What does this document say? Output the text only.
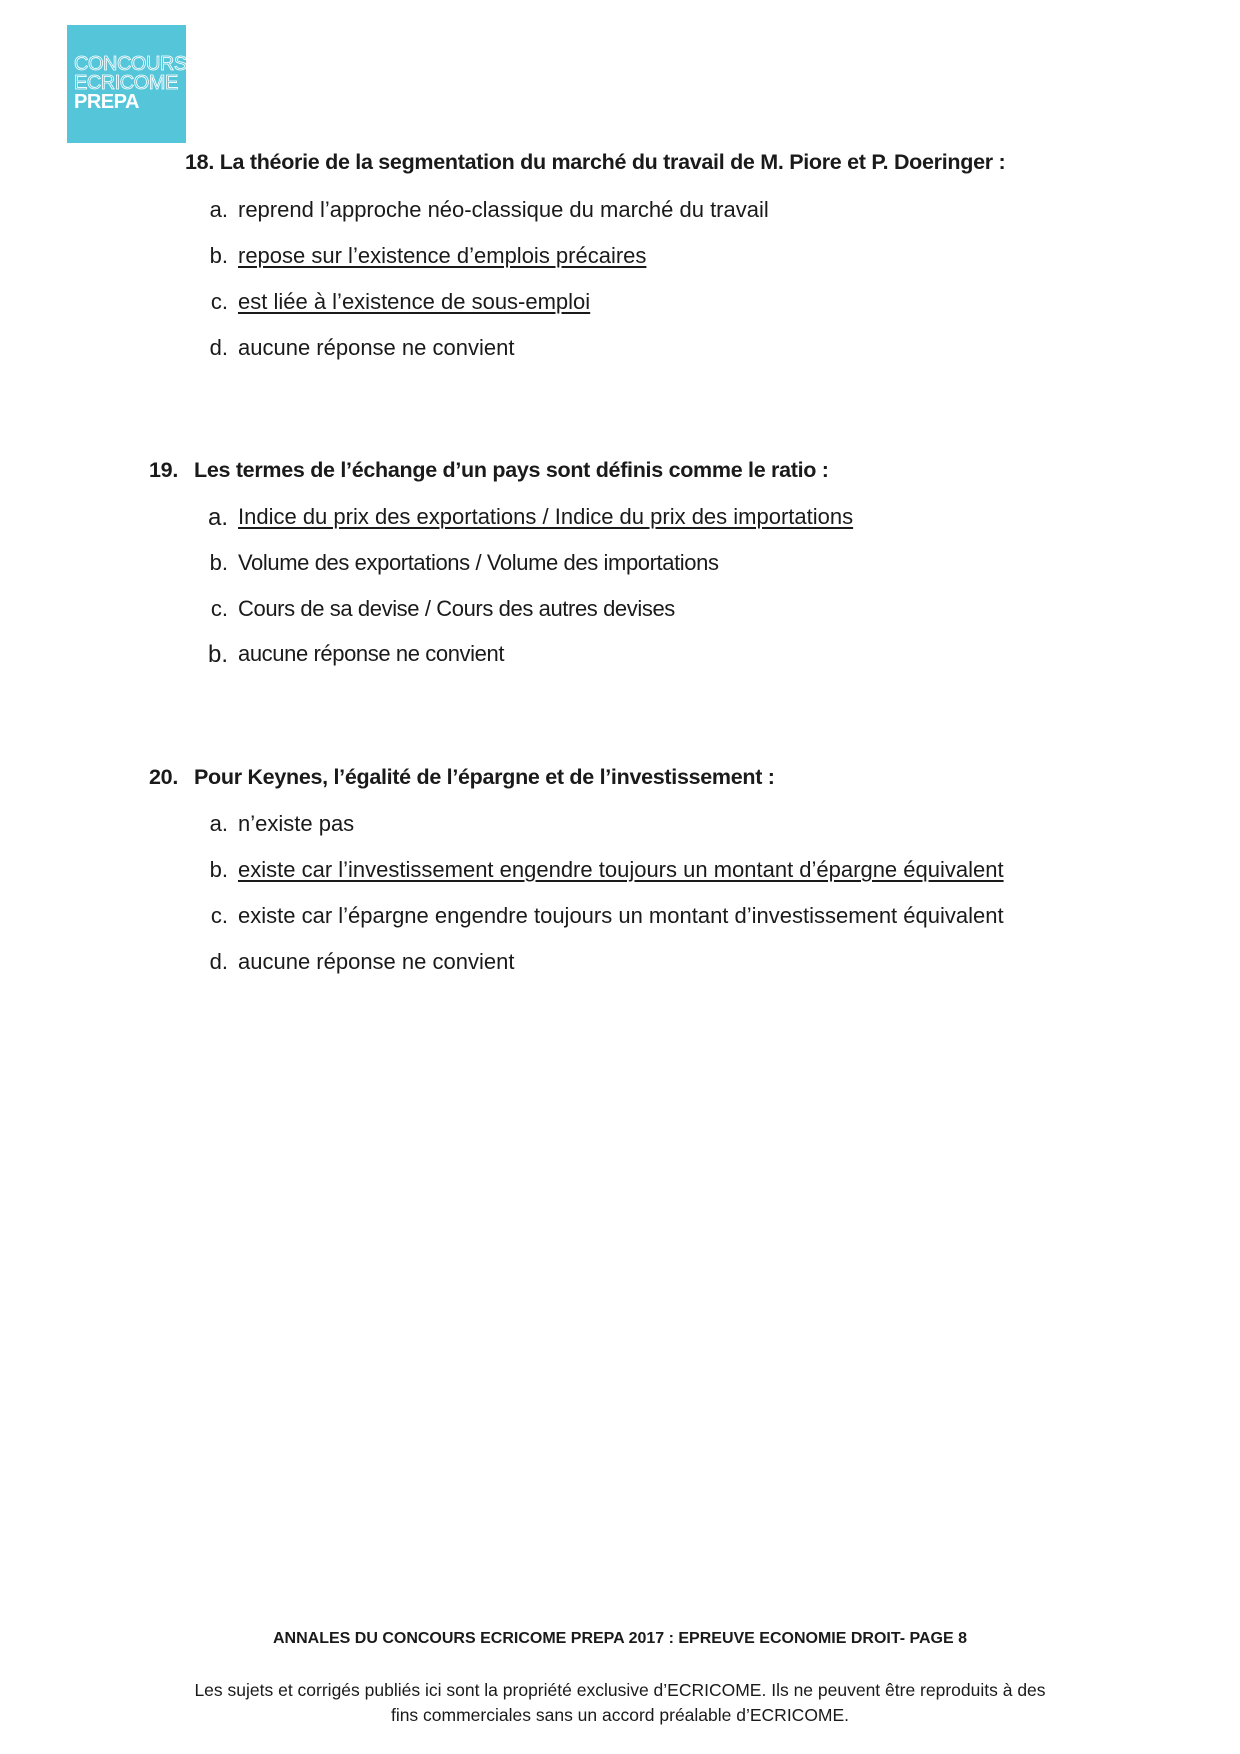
CONCOURS
ECRICOME
PREPA
18. La théorie de la segmentation du marché du travail de M. Piore et P. Doeringer :
a. reprend l’approche néo-classique du marché du travail
b. repose sur l’existence d’emplois précaires
c. est liée à l’existence de sous-emploi
d. aucune réponse ne convient
19. Les termes de l’échange d’un pays sont définis comme le ratio :
a. Indice du prix des exportations / Indice du prix des importations
b. Volume des exportations / Volume des importations
c. Cours de sa devise / Cours des autres devises
b. aucune réponse ne convient
20. Pour Keynes, l’égalité de l’épargne et de l’investissement :
a. n’existe pas
b. existe car l’investissement engendre toujours un montant d’épargne équivalent
c. existe car l’épargne engendre toujours un montant d’investissement équivalent
d. aucune réponse ne convient
ANNALES DU CONCOURS ECRICOME PREPA 2017 : EPREUVE ECONOMIE DROIT- PAGE 8
Les sujets et corrigés publiés ici sont la propriété exclusive d’ECRICOME. Ils ne peuvent être reproduits à des
fins commerciales sans un accord préalable d’ECRICOME.
